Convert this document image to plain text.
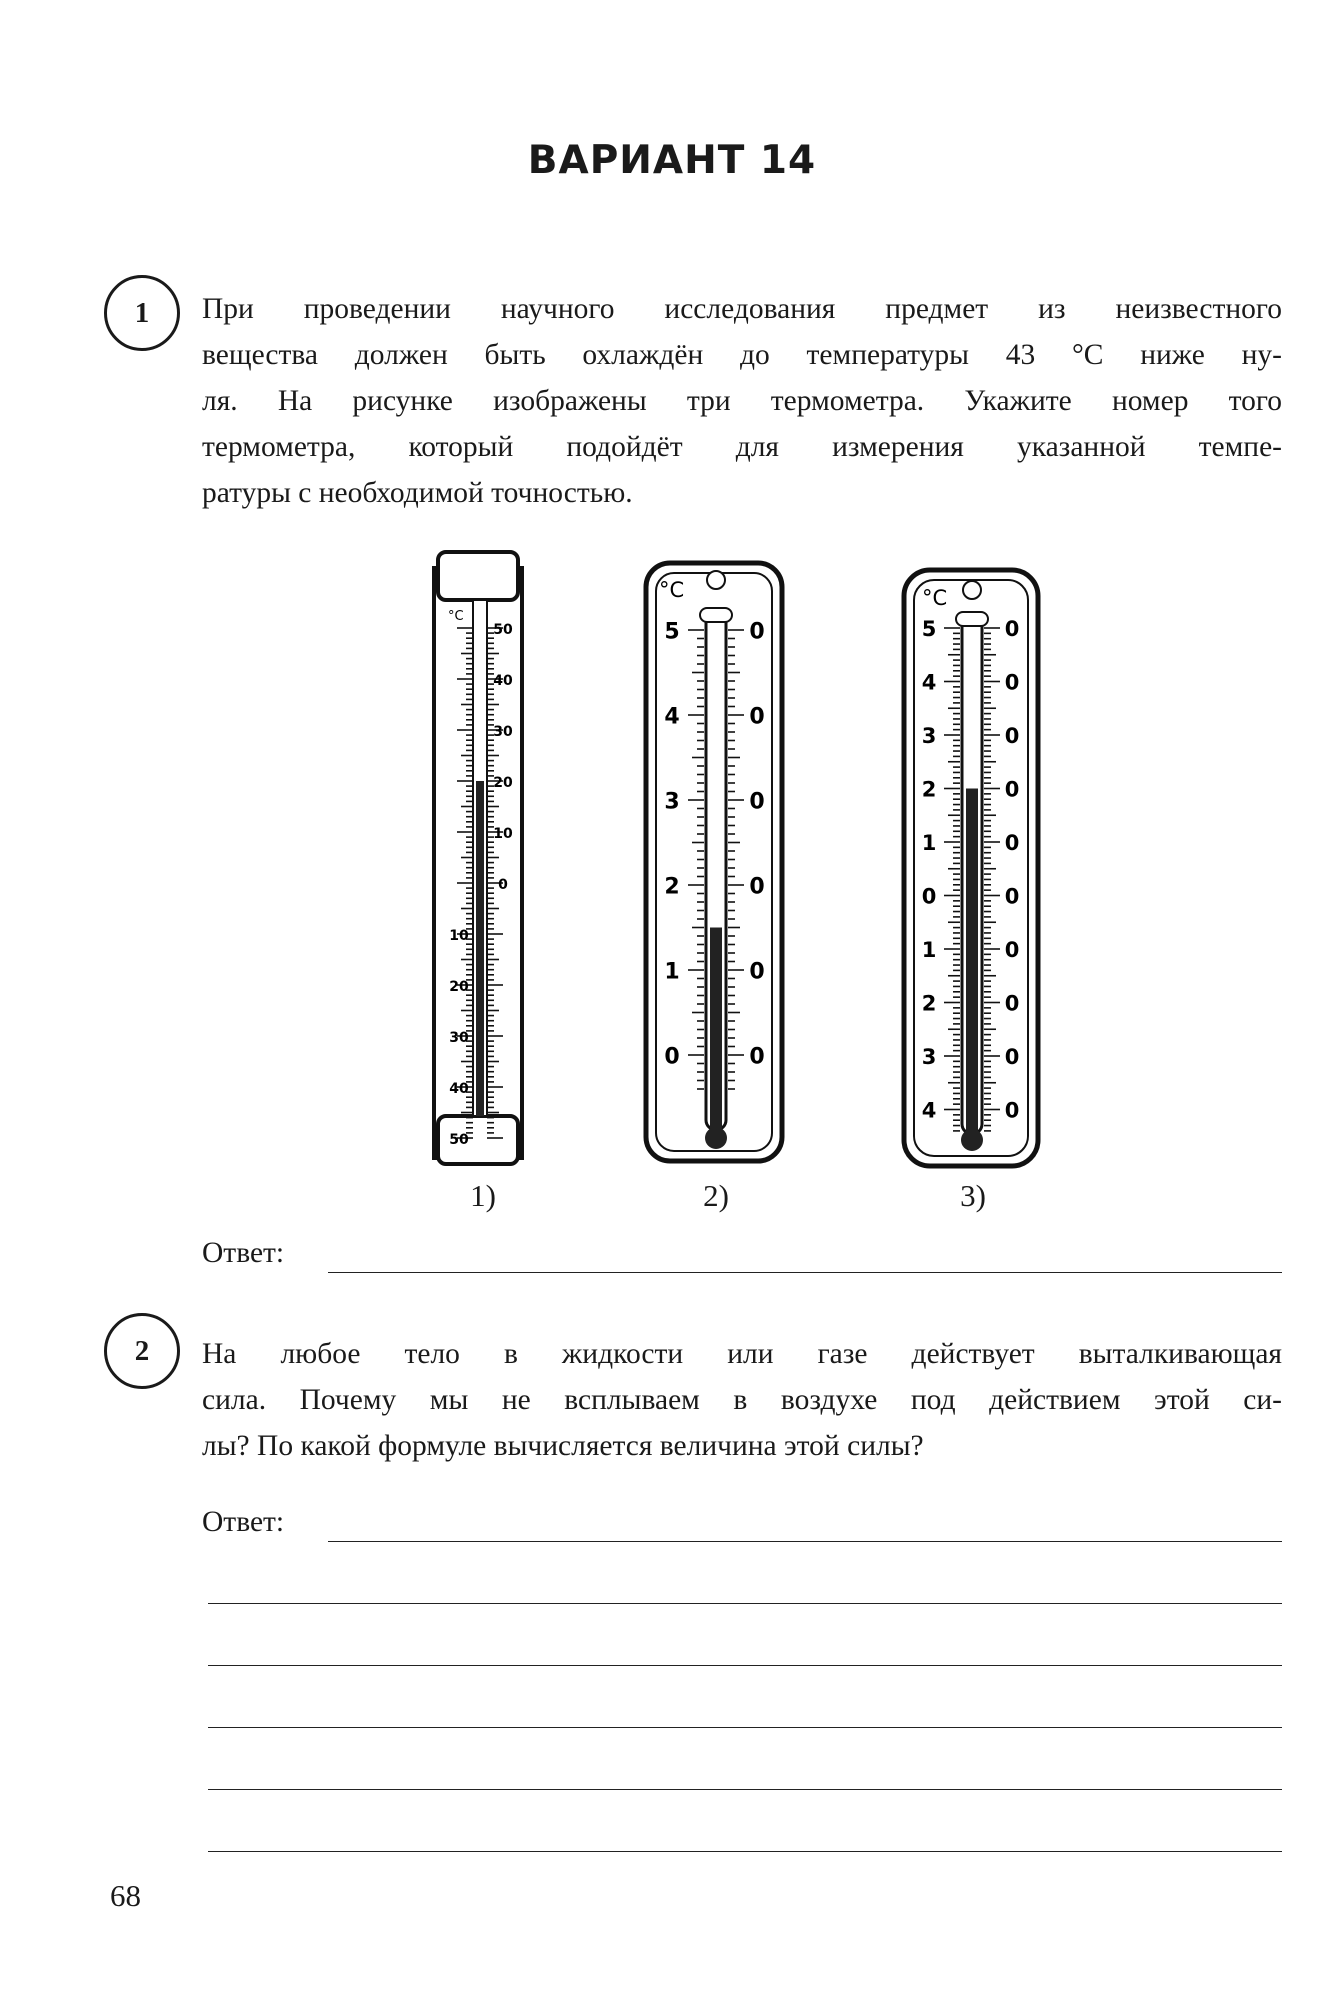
ВАРИАНТ 14
1	При проведении научного исследования предмет из неизвестного
вещества должен быть охлаждён до температуры 43 °С ниже ну-
ля. На рисунке изображены три термометра. Укажите номер того
термометра, который подойдёт для измерения указанной темпе-
ратуры с необходимой точностью.
°C
50
40
30
20
10
0
10
20
30
40
50
°C
5
4
3
2
1
0
0
0
0
0
0
0
°C
5
4
3
2
1
0
1
2
3
4
0
0
0
0
0
0
0
0
0
0
1)	2)	3)
Ответ:
2	На любое тело в жидкости или газе действует выталкивающая
сила. Почему мы не всплываем в воздухе под действием этой си-
лы? По какой формуле вычисляется величина этой силы?
Ответ:
68
